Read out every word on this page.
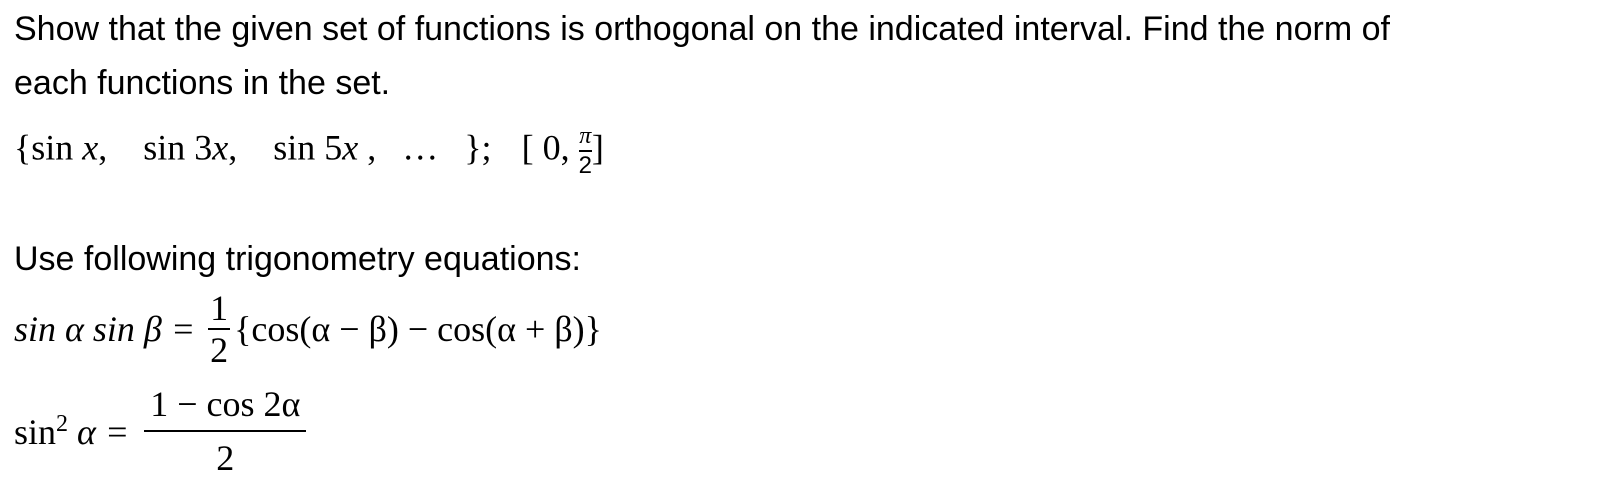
Show that the given set of functions is orthogonal on the indicated interval. Find the norm of
each functions in the set.
{sin x, sin 3x, sin 5x , … }; [ 0, $\frac{\pi}{2}$ ]
Use following trigonometry equations:
sin α $\sin \beta = \frac{1}{2} \{\cos(\alpha - \beta) - \cos(\alpha + \beta)\}$
$\sin^2 \alpha = \frac{1 - \cos 2\alpha}{2}$
